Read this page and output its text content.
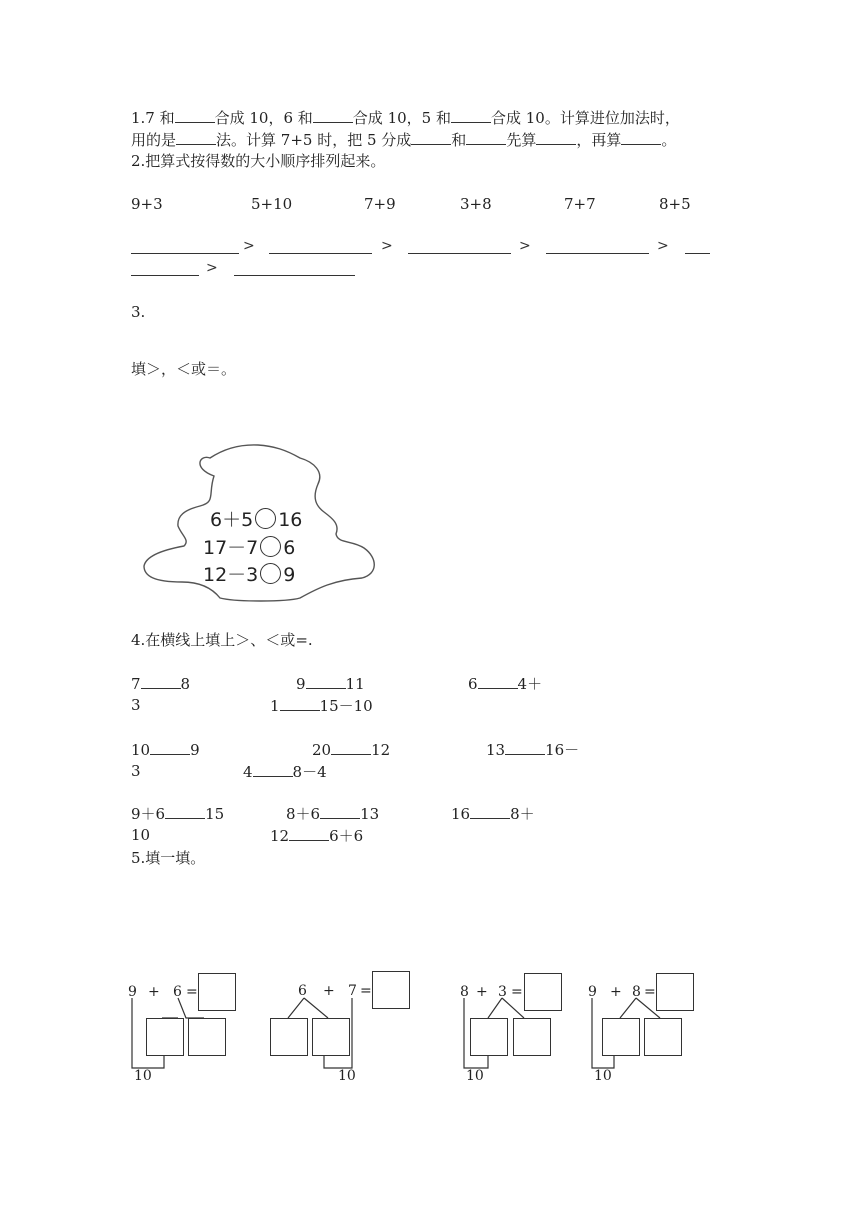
1.7 和	合成 10，6 和	合成 10，5 和	合成 10。计算进位加法时，
用的是	法。计算 7+5 时，把 5 分成	和	先算	，再算	。
2.把算式按得数的大小顺序排列起来。
9+3	5+10	7+9	3+8	7+7	8+5
>	>	>	>
>
3.
填＞，＜或＝。
6＋5 16
17－7 6
12－3 9
4.在横线上填上＞、＜或=.
7	8	9	11	6	4＋
3	1	15－10
10	9	20	12	13	16－
3	4	8－4
9＋6	15	8＋6	13	16	8＋
10	12	6＋6
5.填一填。
9 + 6 =
10
6 + 7 =
10
8 + 3 =
10
9 + 8 =
10
